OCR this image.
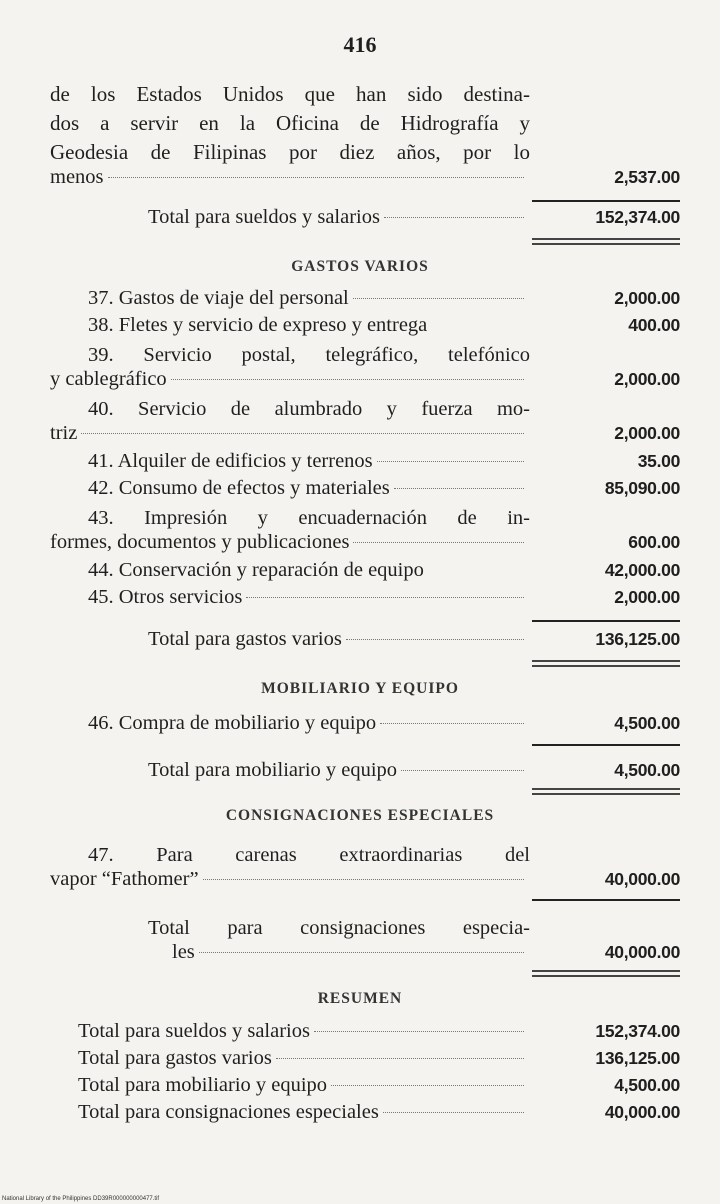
416
de los Estados Unidos que han sido destina-
dos a servir en la Oficina de Hidrografía y
Geodesia de Filipinas por diez años, por lo
menos	2,537.00
Total para sueldos y salarios	152,374.00
GASTOS VARIOS
37. Gastos de viaje del personal	2,000.00
38. Fletes y servicio de expreso y entrega	400.00
39. Servicio postal, telegráfico, telefónico
y cablegráfico	2,000.00
40. Servicio de alumbrado y fuerza mo-
triz	2,000.00
41. Alquiler de edificios y terrenos	35.00
42. Consumo de efectos y materiales	85,090.00
43. Impresión y encuadernación de in-
formes, documentos y publicaciones	600.00
44. Conservación y reparación de equipo	42,000.00
45. Otros servicios	2,000.00
Total para gastos varios	136,125.00
MOBILIARIO Y EQUIPO
46. Compra de mobiliario y equipo	4,500.00
Total para mobiliario y equipo	4,500.00
CONSIGNACIONES ESPECIALES
47. Para carenas extraordinarias del
vapor “Fathomer”	40,000.00
Total para consignaciones especia-
les	40,000.00
RESUMEN
Total para sueldos y salarios	152,374.00
Total para gastos varios	136,125.00
Total para mobiliario y equipo	4,500.00
Total para consignaciones especiales	40,000.00
National Library of the Philippines DD39R000000000477.tif
